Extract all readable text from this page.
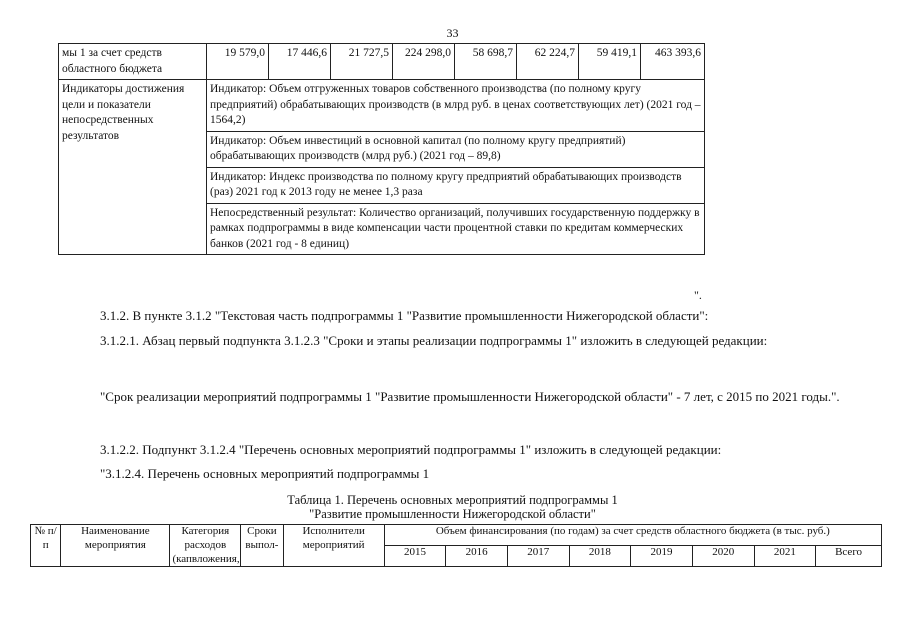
33
мы 1 за счет средств областного бюджета	19 579,0	17 446,6	21 727,5	224 298,0	58 698,7	62 224,7	59 419,1	463 393,6
Индикаторы достижения цели и показатели непосредственных результатов	Индикатор: Объем отгруженных товаров собственного производства (по полному кругу предприятий) обрабатывающих производств (в млрд руб. в ценах соответствующих лет) (2021 год – 1564,2)							
	Индикатор: Объем инвестиций в основной капитал (по полному кругу предприятий) обрабатывающих производств (млрд руб.) (2021 год – 89,8)							
	Индикатор: Индекс производства по полному кругу предприятий обрабатывающих производств (раз) 2021 год к 2013 году не менее 1,3 раза							
	Непосредственный результат: Количество организаций, получивших государственную поддержку в рамках подпрограммы в виде компенсации части процентной ставки по кредитам коммерческих банков (2021 год - 8 единиц)							
".

3.1.2. В пункте 3.1.2 "Текстовая часть подпрограммы 1 "Развитие промышленности Нижегородской области":

3.1.2.1. Абзац первый подпункта 3.1.2.3 "Сроки и этапы реализации подпрограммы 1" изложить в следующей редакции:

"Срок реализации мероприятий подпрограммы 1 "Развитие промышленности Нижегородской области" - 7 лет, с 2015 по 2021 годы.".

3.1.2.2. Подпункт 3.1.2.4 "Перечень основных мероприятий подпрограммы 1" изложить в следующей редакции:

"3.1.2.4. Перечень основных мероприятий подпрограммы 1

Таблица 1. Перечень основных мероприятий подпрограммы 1
"Развитие промышленности Нижегородской области"
№ п/п	Наименование мероприятия	Категория расходов (капвложения,	Сроки выпол-	Исполнители мероприятий	Объем финансирования (по годам) за счет средств областного бюджета (в тыс. руб.)							
					2015	2016	2017	2018	2019	2020	2021	Всего
